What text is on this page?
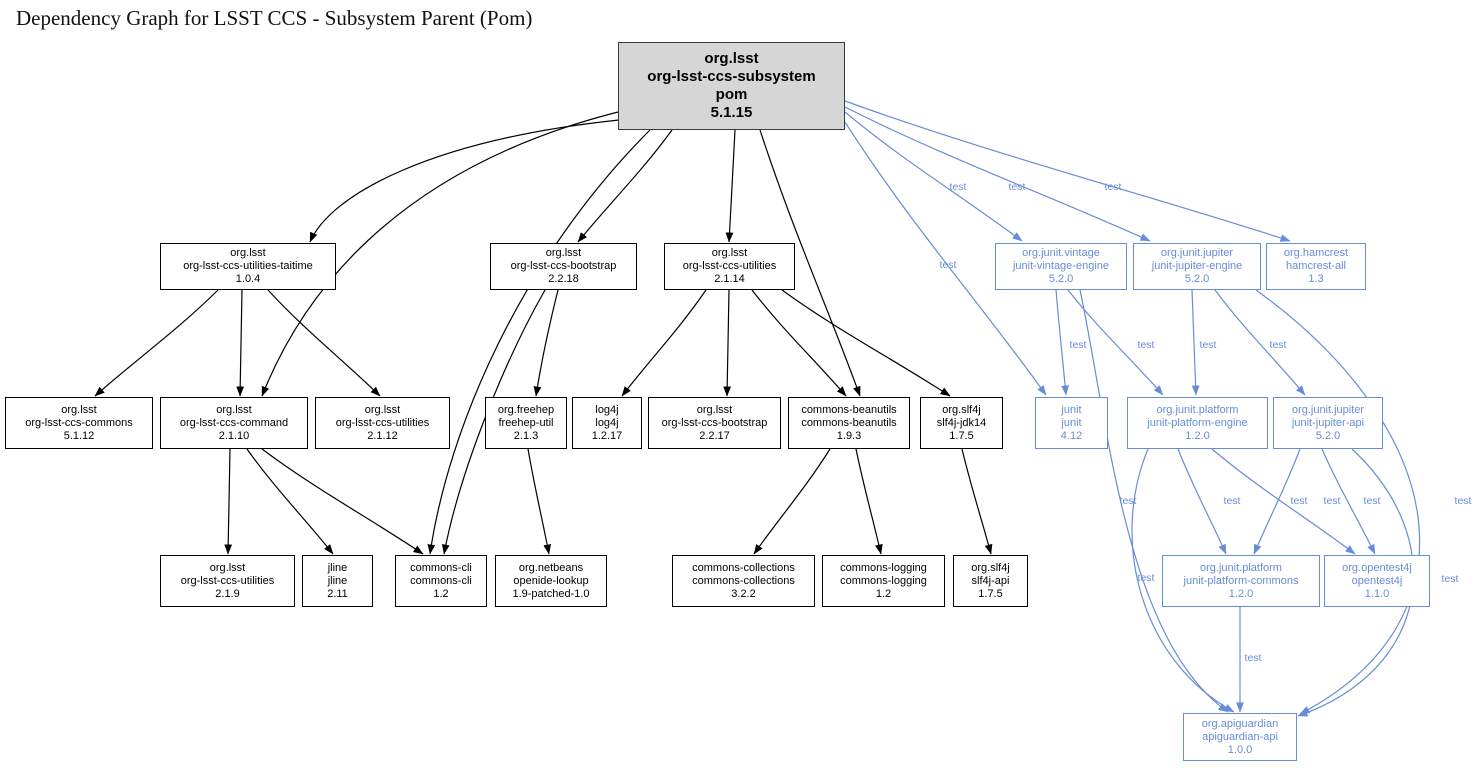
Dependency Graph for LSST CCS - Subsystem Parent (Pom)
org.lsst
org-lsst-ccs-subsystem
pom
5.1.15
org.lsst
org-lsst-ccs-utilities-taitime
1.0.4
org.lsst
org-lsst-ccs-bootstrap
2.2.18
org.lsst
org-lsst-ccs-utilities
2.1.14
org.junit.vintage
junit-vintage-engine
5.2.0
org.junit.jupiter
junit-jupiter-engine
5.2.0
org.hamcrest
hamcrest-all
1.3
org.lsst
org-lsst-ccs-commons
5.1.12
org.lsst
org-lsst-ccs-command
2.1.10
org.lsst
org-lsst-ccs-utilities
2.1.12
org.freehep
freehep-util
2.1.3
log4j
log4j
1.2.17
org.lsst
org-lsst-ccs-bootstrap
2.2.17
commons-beanutils
commons-beanutils
1.9.3
org.slf4j
slf4j-jdk14
1.7.5
junit
junit
4.12
org.junit.platform
junit-platform-engine
1.2.0
org.junit.jupiter
junit-jupiter-api
5.2.0
org.lsst
org-lsst-ccs-utilities
2.1.9
jline
jline
2.11
commons-cli
commons-cli
1.2
org.netbeans
openide-lookup
1.9-patched-1.0
commons-collections
commons-collections
3.2.2
commons-logging
commons-logging
1.2
org.slf4j
slf4j-api
1.7.5
org.junit.platform
junit-platform-commons
1.2.0
org.opentest4j
opentest4j
1.1.0
org.apiguardian
apiguardian-api
1.0.0
test	test	test
test
test	test
test
test	test
test
test	test
test
test	test
test
test
